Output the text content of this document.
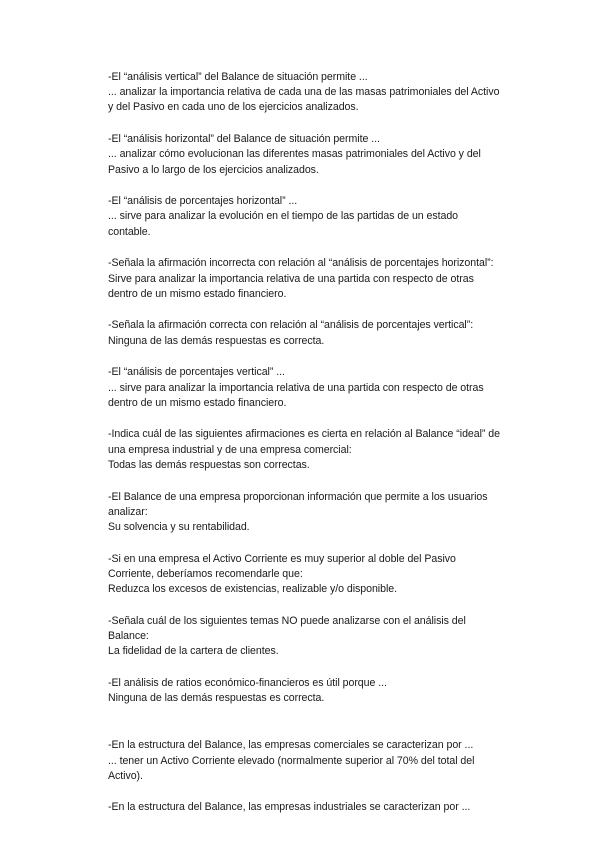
-El “análisis vertical” del Balance de situación permite ...
... analizar la importancia relativa de cada una de las masas patrimoniales del Activo
y del Pasivo en cada uno de los ejercicios analizados.
-El “análisis horizontal” del Balance de situación permite ...
... analizar cómo evolucionan las diferentes masas patrimoniales del Activo y del
Pasivo a lo largo de los ejercicios analizados.
-El “análisis de porcentajes horizontal” ...
... sirve para analizar la evolución en el tiempo de las partidas de un estado
contable.
-Señala la afirmación incorrecta con relación al “análisis de porcentajes horizontal”:
Sirve para analizar la importancia relativa de una partida con respecto de otras
dentro de un mismo estado financiero.
-Señala la afirmación correcta con relación al “análisis de porcentajes vertical”:
Ninguna de las demás respuestas es correcta.
-El “análisis de porcentajes vertical” ...
... sirve para analizar la importancia relativa de una partida con respecto de otras
dentro de un mismo estado financiero.
-Indica cuál de las siguientes afirmaciones es cierta en relación al Balance “ideal” de
una empresa industrial y de una empresa comercial:
Todas las demás respuestas son correctas.
-El Balance de una empresa proporcionan información que permite a los usuarios
analizar:
Su solvencia y su rentabilidad.
-Si en una empresa el Activo Corriente es muy superior al doble del Pasivo
Corriente, deberíamos recomendarle que:
Reduzca los excesos de existencias, realizable y/o disponible.
-Señala cuál de los siguientes temas NO puede analizarse con el análisis del
Balance:
La fidelidad de la cartera de clientes.
-El análisis de ratios económico-financieros es útil porque ...
Ninguna de las demás respuestas es correcta.
-En la estructura del Balance, las empresas comerciales se caracterizan por ...
... tener un Activo Corriente elevado (normalmente superior al 70% del total del
Activo).
-En la estructura del Balance, las empresas industriales se caracterizan por ...
